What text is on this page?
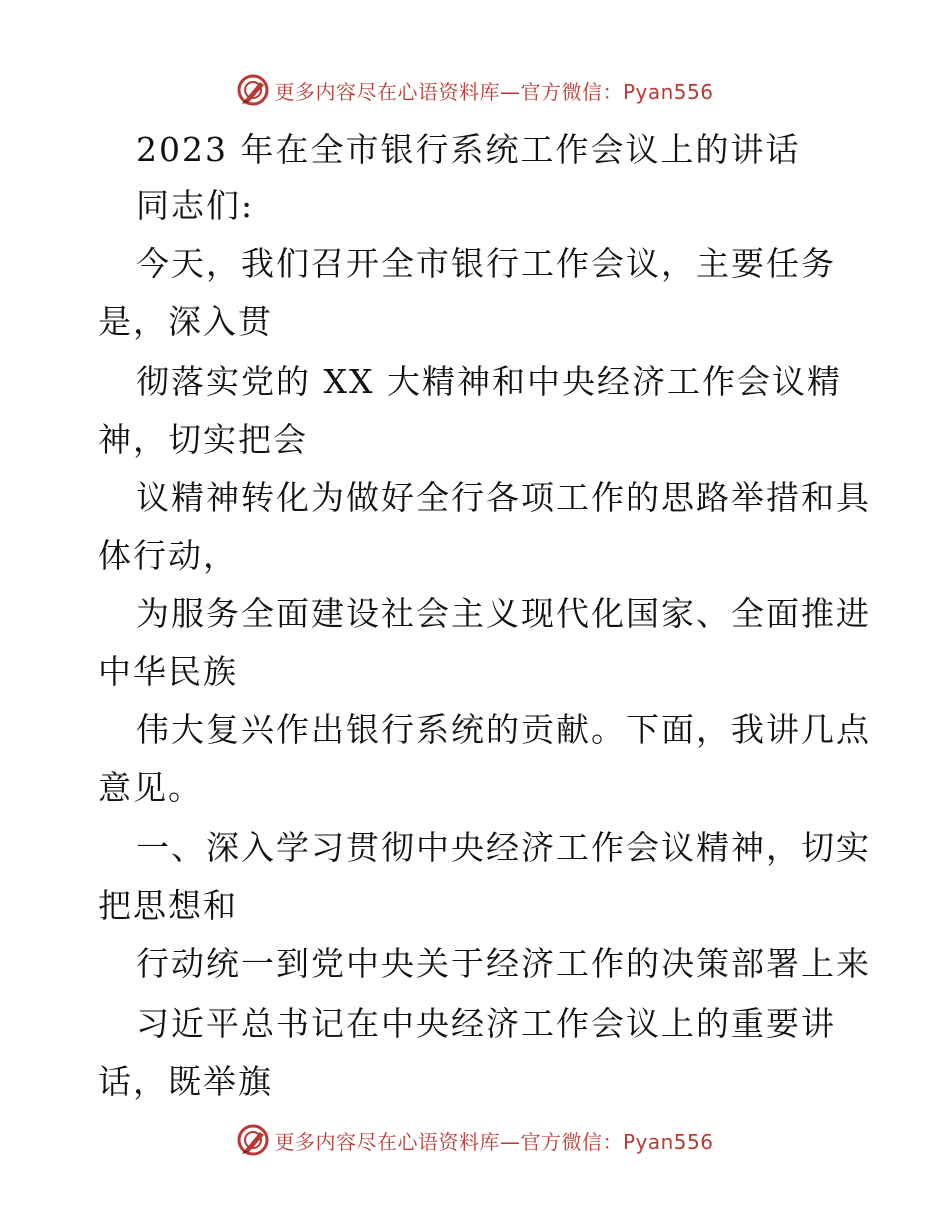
更多内容尽在心语资料库—官方微信：Pyan556
2023 年在全市银行系统工作会议上的讲话
同志们:
今天，我们召开全市银行工作会议，主要任务
是，深入贯
彻落实党的 XX 大精神和中央经济工作会议精
神，切实把会
议精神转化为做好全行各项工作的思路举措和具
体行动，
为服务全面建设社会主义现代化国家、全面推进
中华民族
伟大复兴作出银行系统的贡献。下面，我讲几点
意见。
一、深入学习贯彻中央经济工作会议精神，切实
把思想和
行动统一到党中央关于经济工作的决策部署上来
习近平总书记在中央经济工作会议上的重要讲
话，既举旗
更多内容尽在心语资料库—官方微信：Pyan556
